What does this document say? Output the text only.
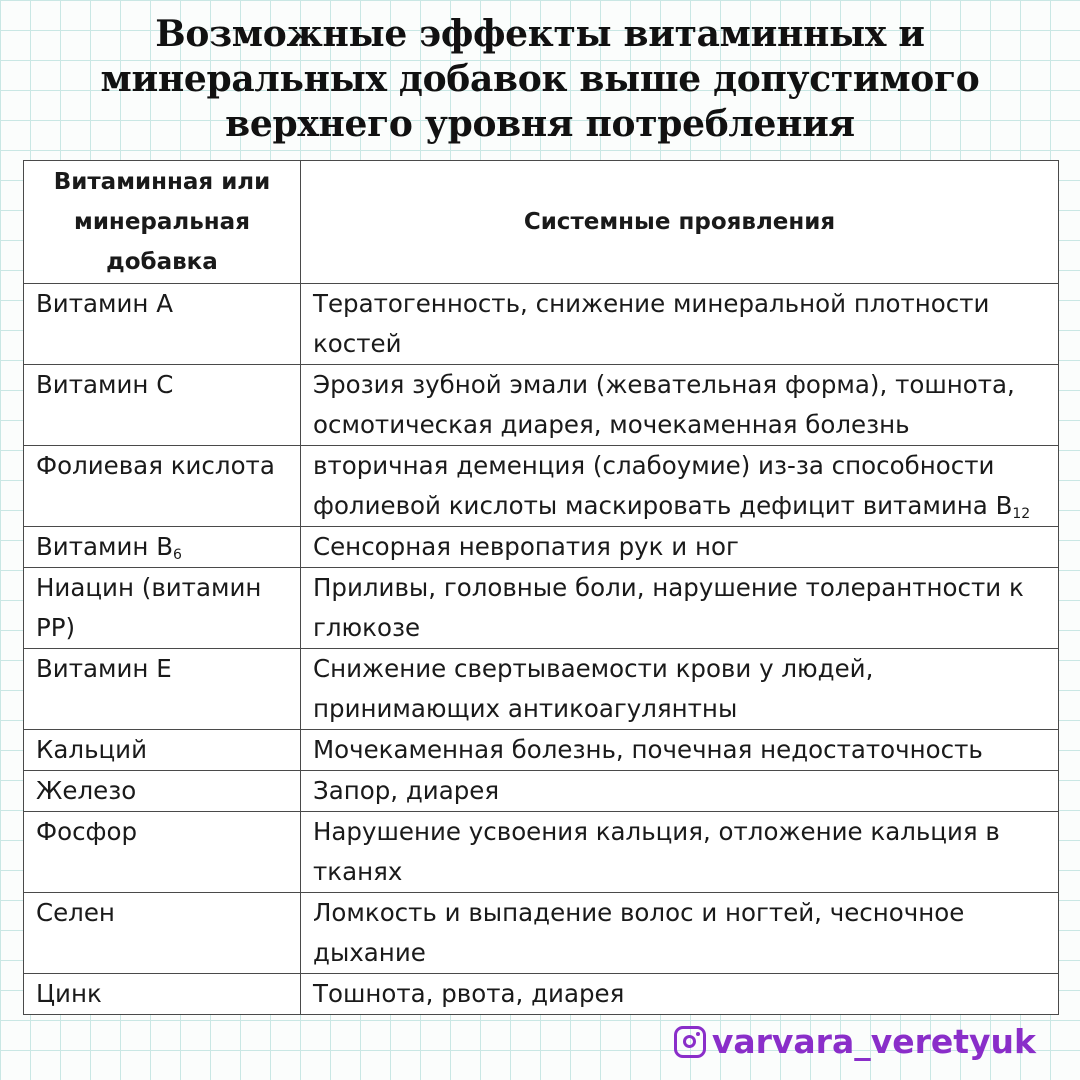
Возможные эффекты витаминных и
минеральных добавок выше допустимого
верхнего уровня потребления
Витаминная или минеральная добавка	Системные проявления
Витамин А	Тератогенность, снижение минеральной плотности костей
Витамин С	Эрозия зубной эмали (жевательная форма), тошнота, осмотическая диарея, мочекаменная болезнь
Фолиевая кислота	вторичная деменция (слабоумие) из-за способности фолиевой кислоты маскировать дефицит витамина $В_{12}$
Витамин $В_6$	Сенсорная невропатия рук и ног
Ниацин (витамин РР)	Приливы, головные боли, нарушение толерантности к глюкозе
Витамин Е	Снижение свертываемости крови у людей, принимающих антикоагулянтны
Кальций	Мочекаменная болезнь, почечная недостаточность
Железо	Запор, диарея
Фосфор	Нарушение усвоения кальция, отложение кальция в тканях
Селен	Ломкость и выпадение волос и ногтей, чесночное дыхание
Цинк	Тошнота, рвота, диарея
varvara_veretyuk
